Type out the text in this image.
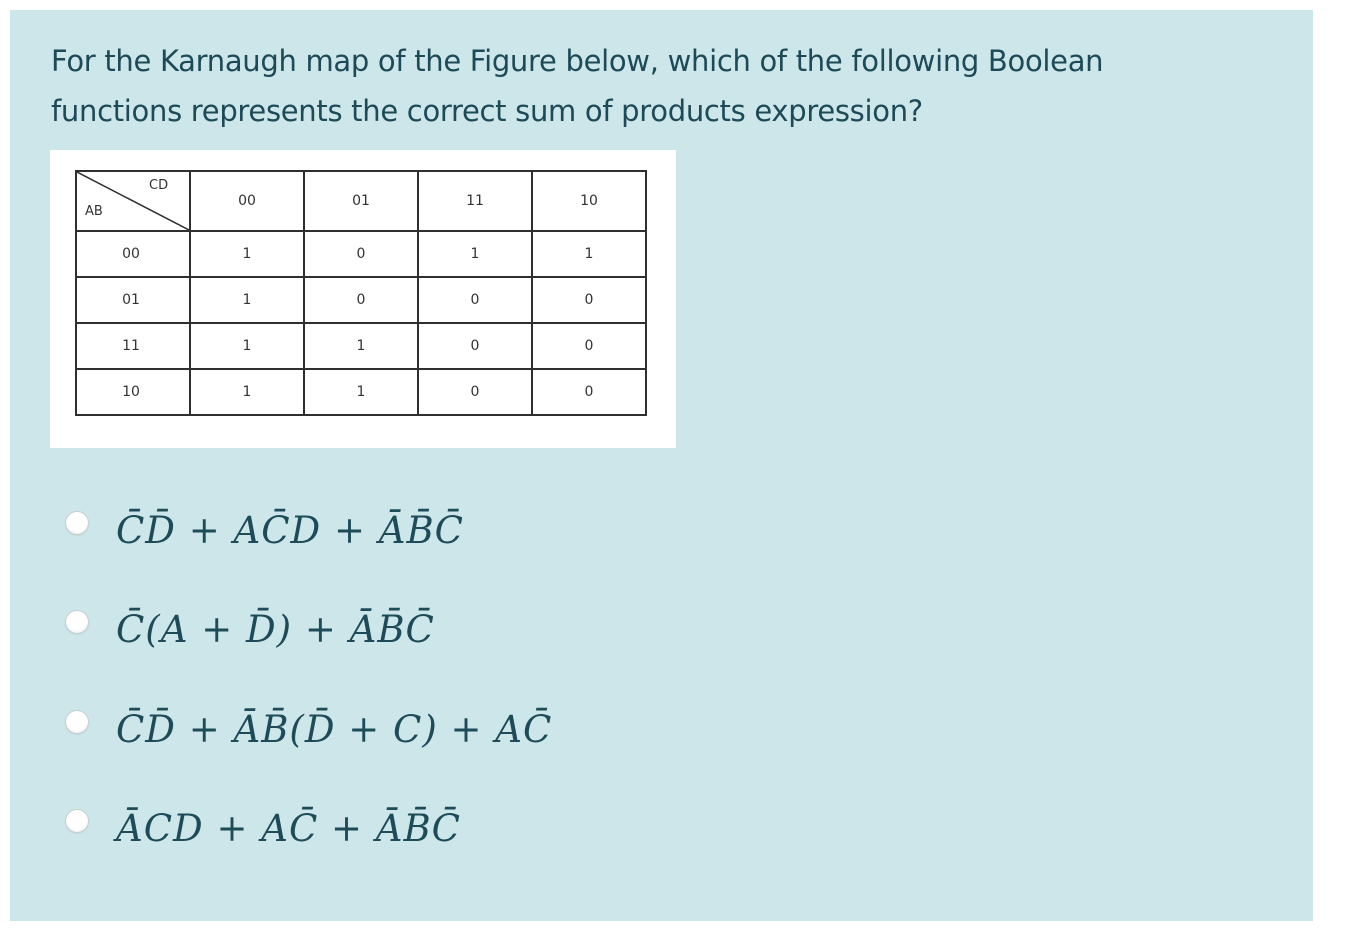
For the Karnaugh map of the Figure below, which of the following Boolean
functions represents the correct sum of products expression?
CD
AB	00	01	11	10
00	1	0	1	1
01	1	0	0	0
11	1	1	0	0
10	1	1	0	0
C̄D̄ + AC̄D + ĀB̄C̄
C̄(A + D̄) + ĀB̄C̄
C̄D̄ + ĀB̄(D̄ + C) + AC̄
ĀCD + AC̄ + ĀB̄C̄
